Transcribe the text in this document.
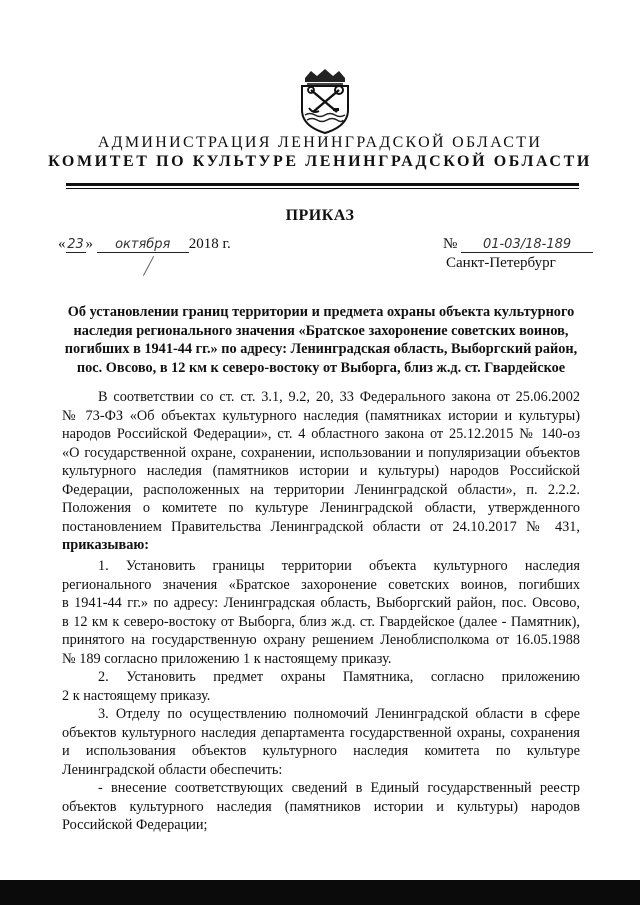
АДМИНИСТРАЦИЯ ЛЕНИНГРАДСКОЙ ОБЛАСТИ
КОМИТЕТ ПО КУЛЬТУРЕ ЛЕНИНГРАДСКОЙ ОБЛАСТИ
ПРИКАЗ
« 23 » октября 2018 г.	№ 01-03/18-189
Санкт-Петербург
Об установлении границ территории и предмета охраны объекта культурного
наследия регионального значения «Братское захоронение советских воинов,
погибших в 1941-44 гг.» по адресу: Ленинградская область, Выборгский район,
пос. Овсово, в 12 км к северо-востоку от Выборга, близ ж.д. ст. Гвардейское
В соответствии со ст. ст. 3.1, 9.2, 20, 33 Федерального закона от 25.06.2002
№ 73-ФЗ «Об объектах культурного наследия (памятниках истории и культуры)
народов Российской Федерации», ст. 4 областного закона от 25.12.2015 № 140-оз
«О государственной охране, сохранении, использовании и популяризации объектов
культурного наследия (памятников истории и культуры) народов Российской
Федерации, расположенных на территории Ленинградской области», п. 2.2.2.
Положения о комитете по культуре Ленинградской области, утвержденного
постановлением Правительства Ленинградской области от 24.10.2017 № 431,
приказываю:
1. Установить границы территории объекта культурного наследия
регионального значения «Братское захоронение советских воинов, погибших
в 1941-44 гг.» по адресу: Ленинградская область, Выборгский район, пос. Овсово,
в 12 км к северо-востоку от Выборга, близ ж.д. ст. Гвардейское (далее - Памятник),
принятого на государственную охрану решением Леноблисполкома от 16.05.1988
№ 189 согласно приложению 1 к настоящему приказу.
2. Установить предмет охраны Памятника, согласно приложению
2 к настоящему приказу.
3. Отделу по осуществлению полномочий Ленинградской области в сфере
объектов культурного наследия департамента государственной охраны, сохранения
и использования объектов культурного наследия комитета по культуре
Ленинградской области обеспечить:
- внесение соответствующих сведений в Единый государственный реестр
объектов культурного наследия (памятников истории и культуры) народов
Российской Федерации;
